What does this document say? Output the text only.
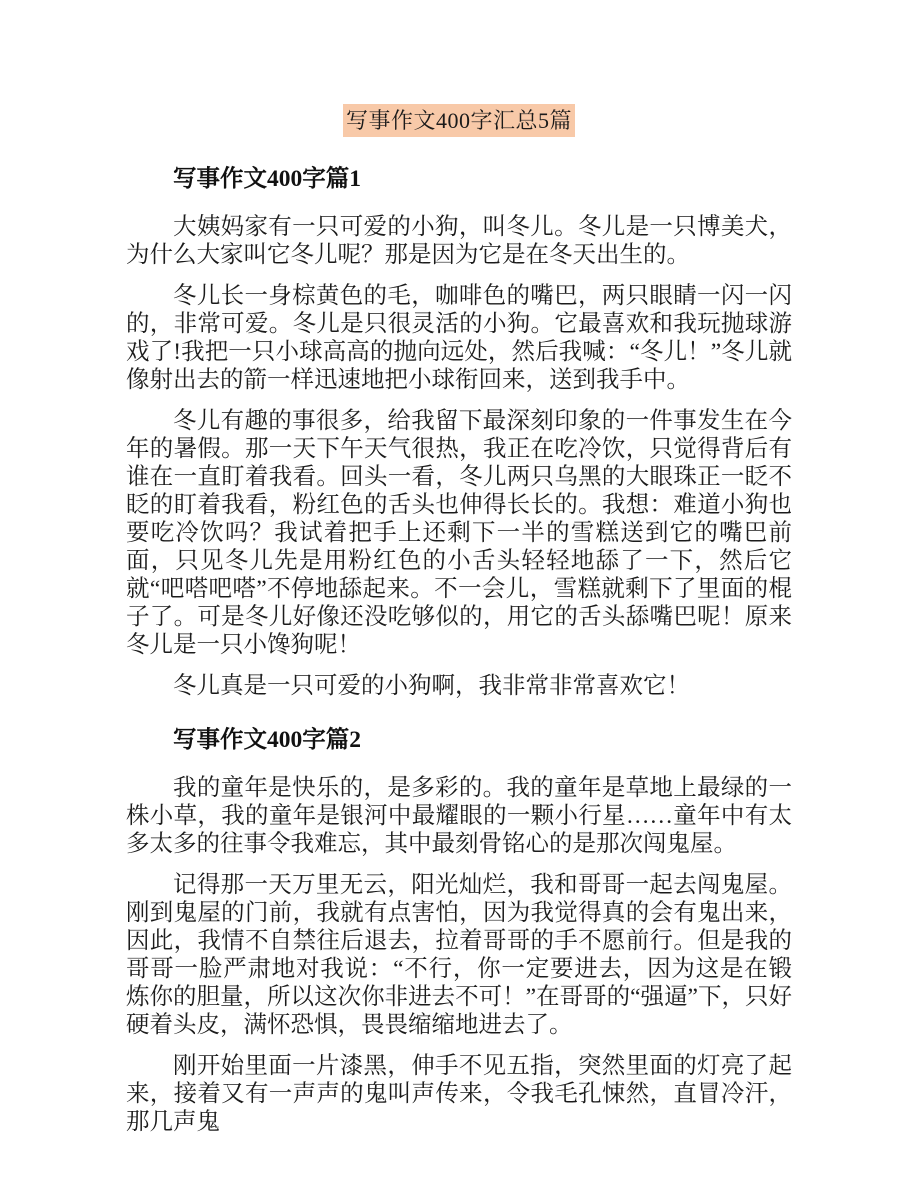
写事作文400字汇总5篇
写事作文400字篇1

大姨妈家有一只可爱的小狗，叫冬儿。冬儿是一只博美犬，为什么大家叫它冬儿呢？那是因为它是在冬天出生的。

冬儿长一身棕黄色的毛，咖啡色的嘴巴，两只眼睛一闪一闪的，非常可爱。冬儿是只很灵活的小狗。它最喜欢和我玩抛球游戏了!我把一只小球高高的抛向远处，然后我喊：“冬儿！”冬儿就像射出去的箭一样迅速地把小球衔回来，送到我手中。

冬儿有趣的事很多，给我留下最深刻印象的一件事发生在今年的暑假。那一天下午天气很热，我正在吃冷饮，只觉得背后有谁在一直盯着我看。回头一看，冬儿两只乌黑的大眼珠正一眨不眨的盯着我看，粉红色的舌头也伸得长长的。我想：难道小狗也要吃冷饮吗？我试着把手上还剩下一半的雪糕送到它的嘴巴前面，只见冬儿先是用粉红色的小舌头轻轻地舔了一下，然后它就“吧嗒吧嗒”不停地舔起来。不一会儿，雪糕就剩下了里面的棍子了。可是冬儿好像还没吃够似的，用它的舌头舔嘴巴呢！原来冬儿是一只小馋狗呢！

冬儿真是一只可爱的小狗啊，我非常非常喜欢它！

写事作文400字篇2

我的童年是快乐的，是多彩的。我的童年是草地上最绿的一株小草，我的童年是银河中最耀眼的一颗小行星……童年中有太多太多的往事令我难忘，其中最刻骨铭心的是那次闯鬼屋。

记得那一天万里无云，阳光灿烂，我和哥哥一起去闯鬼屋。刚到鬼屋的门前，我就有点害怕，因为我觉得真的会有鬼出来，因此，我情不自禁往后退去，拉着哥哥的手不愿前行。但是我的哥哥一脸严肃地对我说：“不行，你一定要进去，因为这是在锻炼你的胆量，所以这次你非进去不可！”在哥哥的“强逼”下，只好硬着头皮，满怀恐惧，畏畏缩缩地进去了。

刚开始里面一片漆黑，伸手不见五指，突然里面的灯亮了起来，接着又有一声声的鬼叫声传来，令我毛孔悚然，直冒冷汗，那几声鬼
